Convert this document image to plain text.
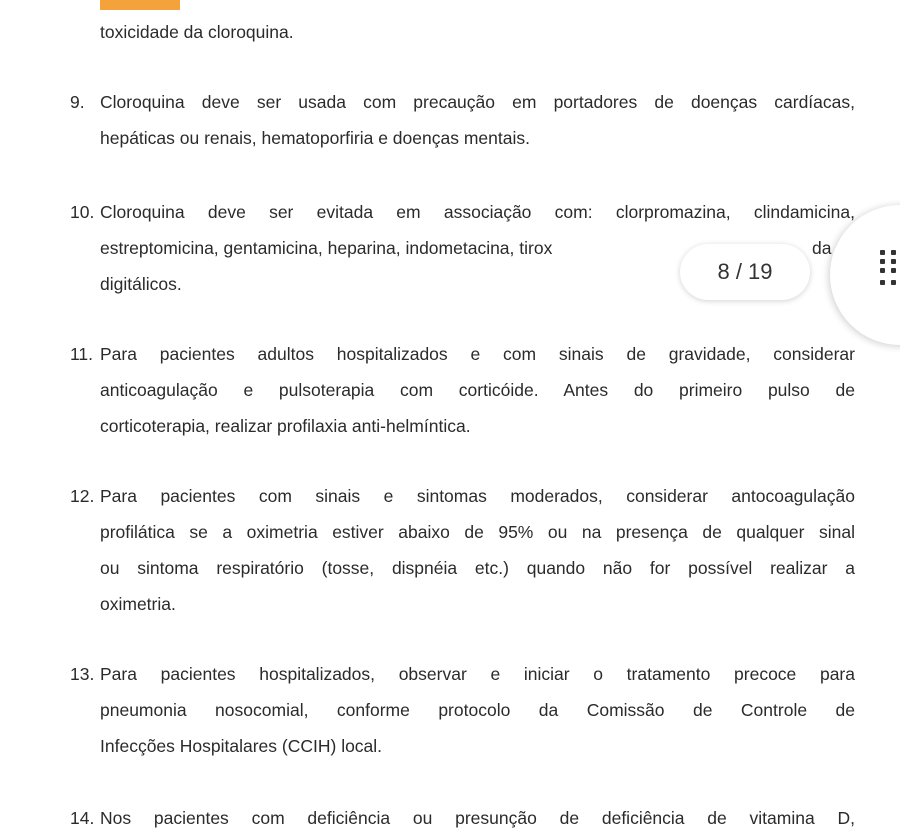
toxicidade da cloroquina.
9. Cloroquina deve ser usada com precaução em portadores de doenças cardíacas,
hepáticas ou renais, hematoporfiria e doenças mentais.
10. Cloroquina deve ser evitada em associação com: clorpromazina, clindamicina,
estreptomicina, gentamicina, heparina, indometacina, tirox
digitálicos.
da
11. Para pacientes adultos hospitalizados e com sinais de gravidade, considerar
anticoagulação e pulsoterapia com corticóide. Antes do primeiro pulso de
corticoterapia, realizar profilaxia anti-helmíntica.
12. Para pacientes com sinais e sintomas moderados, considerar antocoagulação
profilática se a oximetria estiver abaixo de 95% ou na presença de qualquer sinal
ou sintoma respiratório (tosse, dispnéia etc.) quando não for possível realizar a
oximetria.
13. Para pacientes hospitalizados, observar e iniciar o tratamento precoce para
pneumonia nosocomial, conforme protocolo da Comissão de Controle de
Infecções Hospitalares (CCIH) local.
14. Nos pacientes com deficiência ou presunção de deficiência de vitamina D,
8 / 19
